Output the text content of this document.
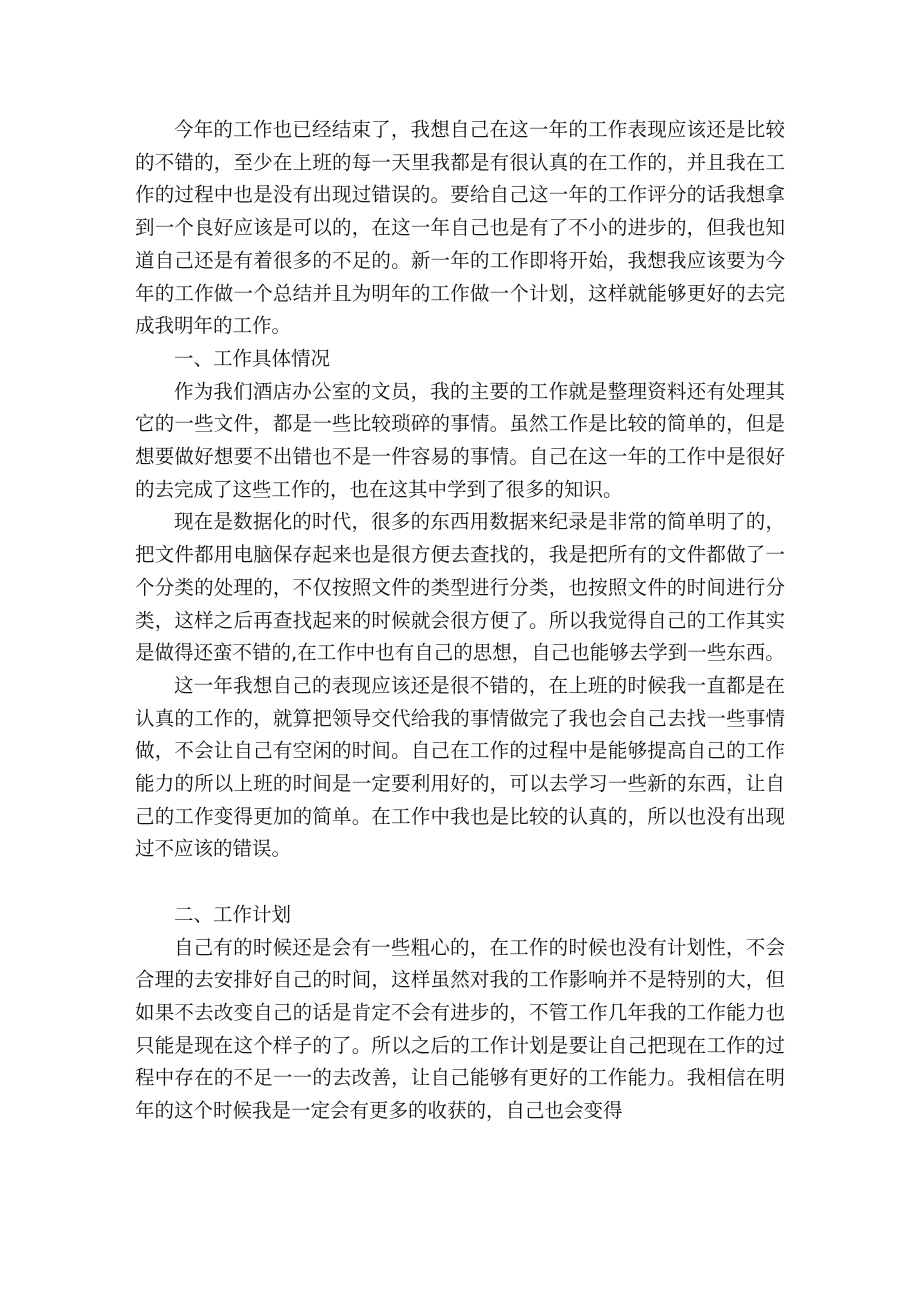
今年的工作也已经结束了，我想自己在这一年的工作表现应该还是比较的不错的，至少在上班的每一天里我都是有很认真的在工作的，并且我在工作的过程中也是没有出现过错误的。要给自己这一年的工作评分的话我想拿到一个良好应该是可以的，在这一年自己也是有了不小的进步的，但我也知道自己还是有着很多的不足的。新一年的工作即将开始，我想我应该要为今年的工作做一个总结并且为明年的工作做一个计划，这样就能够更好的去完成我明年的工作。

一、工作具体情况

作为我们酒店办公室的文员，我的主要的工作就是整理资料还有处理其它的一些文件，都是一些比较琐碎的事情。虽然工作是比较的简单的，但是想要做好想要不出错也不是一件容易的事情。自己在这一年的工作中是很好的去完成了这些工作的，也在这其中学到了很多的知识。

现在是数据化的时代，很多的东西用数据来纪录是非常的简单明了的，把文件都用电脑保存起来也是很方便去查找的，我是把所有的文件都做了一个分类的处理的，不仅按照文件的类型进行分类，也按照文件的时间进行分类，这样之后再查找起来的时候就会很方便了。所以我觉得自己的工作其实是做得还蛮不错的,在工作中也有自己的思想，自己也能够去学到一些东西。

这一年我想自己的表现应该还是很不错的，在上班的时候我一直都是在认真的工作的，就算把领导交代给我的事情做完了我也会自己去找一些事情做，不会让自己有空闲的时间。自己在工作的过程中是能够提高自己的工作能力的所以上班的时间是一定要利用好的，可以去学习一些新的东西，让自己的工作变得更加的简单。在工作中我也是比较的认真的，所以也没有出现过不应该的错误。

二、工作计划

自己有的时候还是会有一些粗心的，在工作的时候也没有计划性，不会合理的去安排好自己的时间，这样虽然对我的工作影响并不是特别的大，但如果不去改变自己的话是肯定不会有进步的，不管工作几年我的工作能力也只能是现在这个样子的了。所以之后的工作计划是要让自己把现在工作的过程中存在的不足一一的去改善，让自己能够有更好的工作能力。我相信在明年的这个时候我是一定会有更多的收获的，自己也会变得
